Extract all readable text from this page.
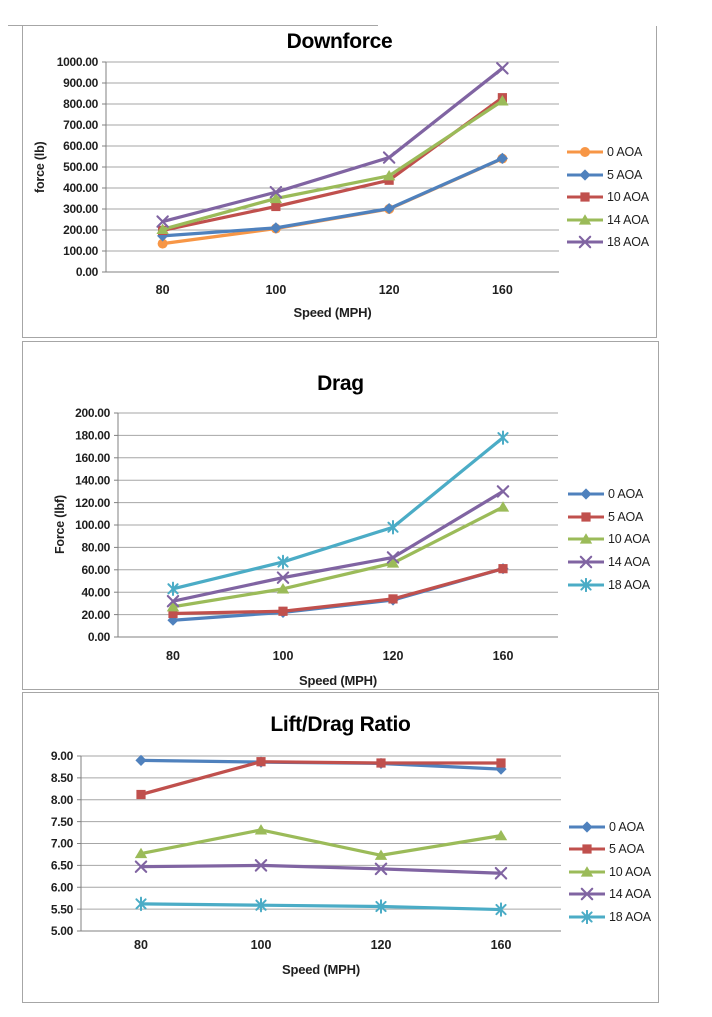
1000.00
900.00
800.00
700.00
600.00
500.00
400.00
300.00
200.00
100.00
0.00
80	100	120	160
Downforce
force (lb)
Speed (MPH)
0 AOA
5 AOA
10 AOA
14 AOA
18 AOA
200.00
180.00
160.00
140.00
120.00
100.00
80.00
60.00
40.00
20.00
0.00
80	100	120	160
Drag
Force (lbf)
Speed (MPH)
0 AOA
5 AOA
10 AOA
14 AOA
18 AOA
9.00
8.50
8.00
7.50
7.00
6.50
6.00
5.50
5.00
80	100	120	160
Lift/Drag Ratio
Speed (MPH)
0 AOA
5 AOA
10 AOA
14 AOA
18 AOA
